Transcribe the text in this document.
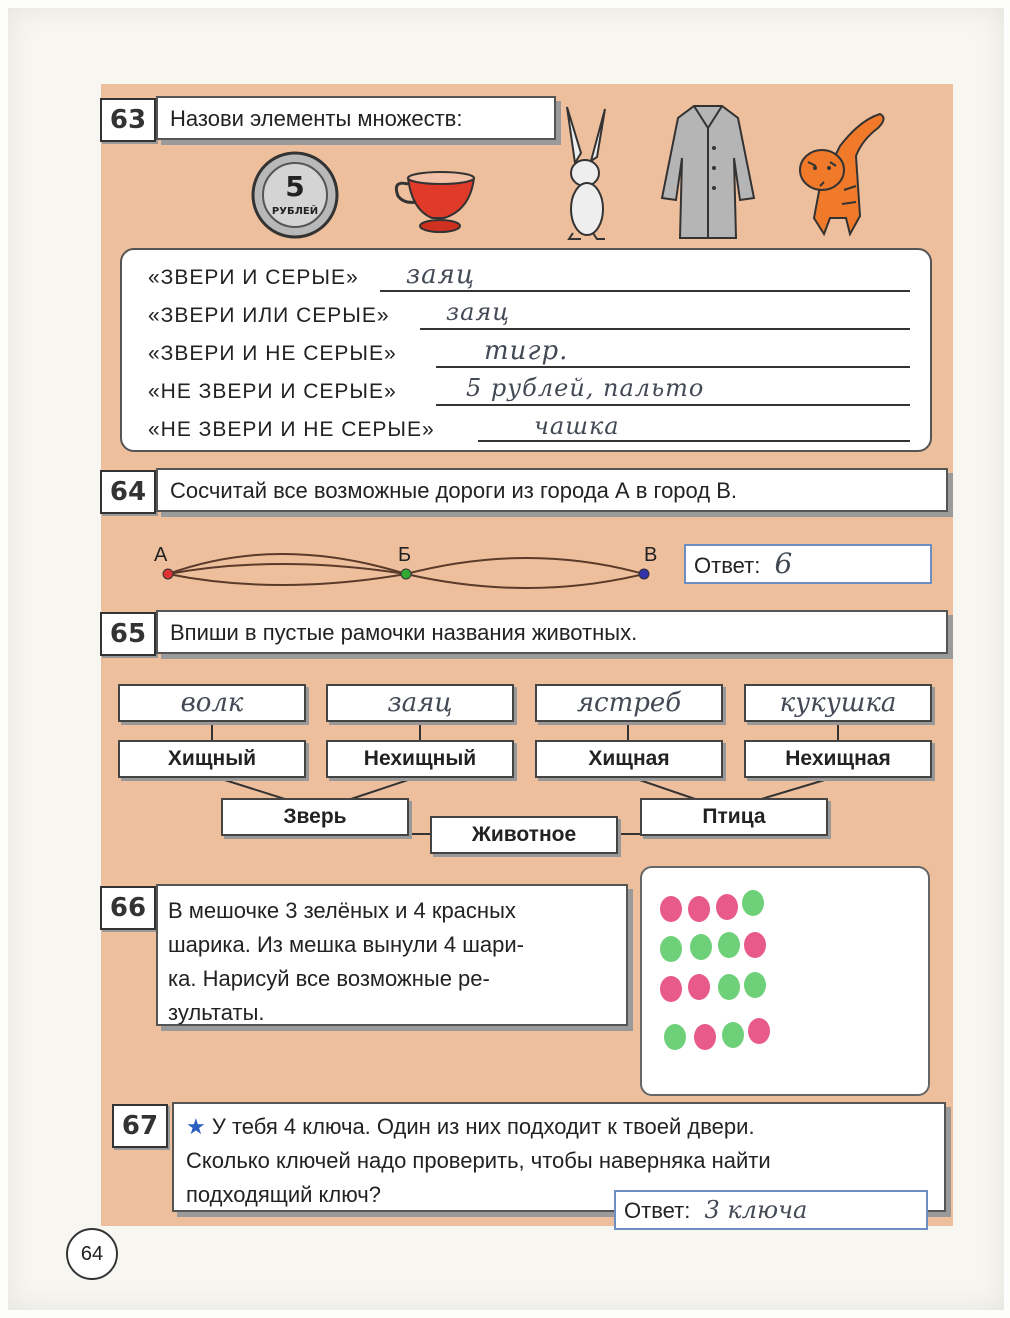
63	Назови элементы множеств:
5
РУБЛЕЙ
«ЗВЕРИ И СЕРЫЕ» заяц
«ЗВЕРИ ИЛИ СЕРЫЕ» заяц
«ЗВЕРИ И НЕ СЕРЫЕ»	тигр.
«НЕ ЗВЕРИ И СЕРЫЕ»	5 рублей, пальто
«НЕ ЗВЕРИ И НЕ СЕРЫЕ»	чашка
64	Сосчитай все возможные дороги из города А в город В.
А	Б	В	Ответ: 6
65	Впиши в пустые рамочки названия животных.
волк	заяц	ястреб	кукушка
Хищный	Нехищный	Хищная	Нехищная
Зверь	Птица
Животное
66 В мешочке 3 зелёных и 4 красных
шарика. Из мешка вынули 4 шари-
ка. Нарисуй все возможные ре-
зультаты.
67	★ У тебя 4 ключа. Один из них подходит к твоей двери.
Сколько ключей надо проверить, чтобы наверняка найти
подходящий ключ?
Ответ: 3 ключа
64
